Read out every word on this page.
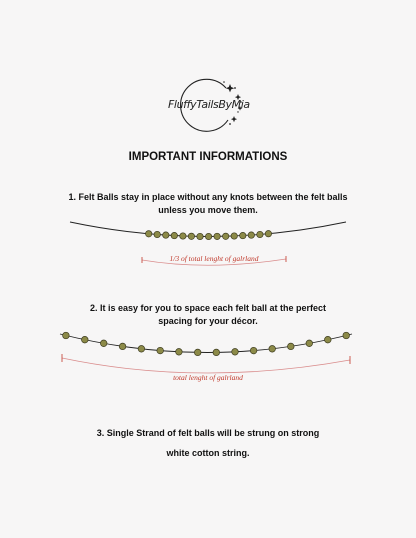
FluffyTailsByMia
IMPORTANT INFORMATIONS
1. Felt Balls stay in place without any knots between the felt balls
unless you move them.
1/3 of total lenght of galrland
2. It is easy for you to space each felt ball at the perfect
spacing for your décor.
total lenght of galrland
3. Single Strand of felt balls will be strung on strong
white cotton string.
